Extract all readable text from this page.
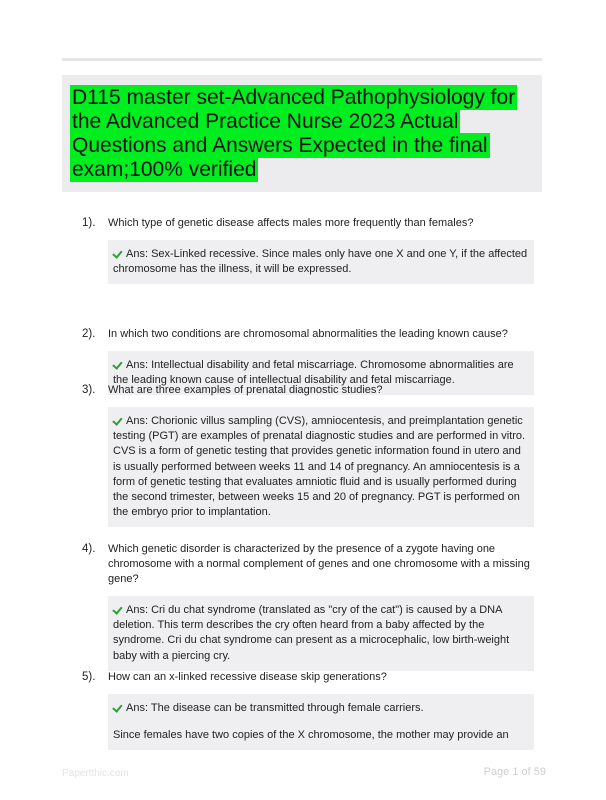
D115 master set-Advanced Pathophysiology for the Advanced Practice Nurse 2023 Actual Questions and Answers Expected in the final exam;100% verified
1). Which type of genetic disease affects males more frequently than females?
Ans: Sex-Linked recessive. Since males only have one X and one Y, if the affected chromosome has the illness, it will be expressed.
2). In which two conditions are chromosomal abnormalities the leading known cause?
Ans: Intellectual disability and fetal miscarriage. Chromosome abnormalities are the leading known cause of intellectual disability and fetal miscarriage.
3). What are three examples of prenatal diagnostic studies?
Ans: Chorionic villus sampling (CVS), amniocentesis, and preimplantation genetic testing (PGT) are examples of prenatal diagnostic studies and are performed in vitro. CVS is a form of genetic testing that provides genetic information found in utero and is usually performed between weeks 11 and 14 of pregnancy. An amniocentesis is a form of genetic testing that evaluates amniotic fluid and is usually performed during the second trimester, between weeks 15 and 20 of pregnancy. PGT is performed on the embryo prior to implantation.
4). Which genetic disorder is characterized by the presence of a zygote having one chromosome with a normal complement of genes and one chromosome with a missing gene?
Ans: Cri du chat syndrome (translated as "cry of the cat") is caused by a DNA deletion. This term describes the cry often heard from a baby affected by the syndrome. Cri du chat syndrome can present as a microcephalic, low birth-weight baby with a piercing cry.
5). How can an x-linked recessive disease skip generations?

Ans: The disease can be transmitted through female carriers.

Since females have two copies of the X chromosome, the mother may provide an

Papertthic.com	Page 1 of 59
